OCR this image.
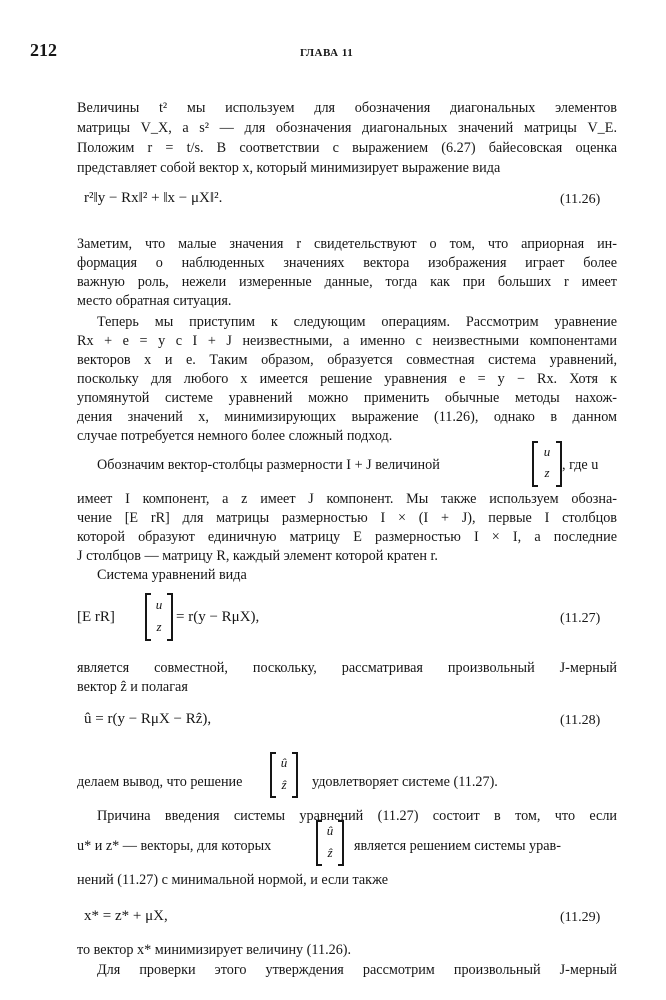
212	ГЛАВА 11
Величины t² мы используем для обозначения диагональных элементов
матрицы V_X, а s² — для обозначения диагональных значений матрицы V_E.
Положим r = t/s. В соответствии с выражением (6.27) байесовская оценка
представляет собой вектор x, который минимизирует выражение вида
r²‖y − Rx‖² + ‖x − μX‖².	(11.26)
Заметим, что малые значения r свидетельствуют о том, что априорная ин-
формация о наблюденных значениях вектора изображения играет более
важную роль, нежели измеренные данные, тогда как при больших r имеет
место обратная ситуация.
Теперь мы приступим к следующим операциям. Рассмотрим уравнение
Rx + e = y с I + J неизвестными, а именно с неизвестными компонентами
векторов x и e. Таким образом, образуется совместная система уравнений,
поскольку для любого x имеется решение уравнения e = y − Rx. Хотя к
упомянутой системе уравнений можно применить обычные методы нахож-
дения значений x, минимизирующих выражение (11.26), однако в данном
случае потребуется немного более сложный подход.
Обозначим вектор-столбцы размерности I + J величиной
u
z , где u
имеет I компонент, а z имеет J компонент. Мы также используем обозна-
чение [E rR] для матрицы размерностью I × (I + J), первые I столбцов
которой образуют единичную матрицу E размерностью I × I, а последние
J столбцов — матрицу R, каждый элемент которой кратен r.
Система уравнений вида
[E rR]
u
z
= r(y − RμX),	(11.27)
является совместной, поскольку, рассматривая произвольный J-мерный
вектор ẑ и полагая
û = r(y − RμX − Rẑ),	(11.28)
делаем вывод, что решение
û
ẑ	удовлетворяет системе (11.27).
Причина введения системы уравнений (11.27) состоит в том, что если
u* и z* — векторы, для которых
û
ẑ	является решением системы урав-
нений (11.27) с минимальной нормой, и если также
x* = z* + μX,	(11.29)
то вектор x* минимизирует величину (11.26).
Для проверки этого утверждения рассмотрим произвольный J-мерный
